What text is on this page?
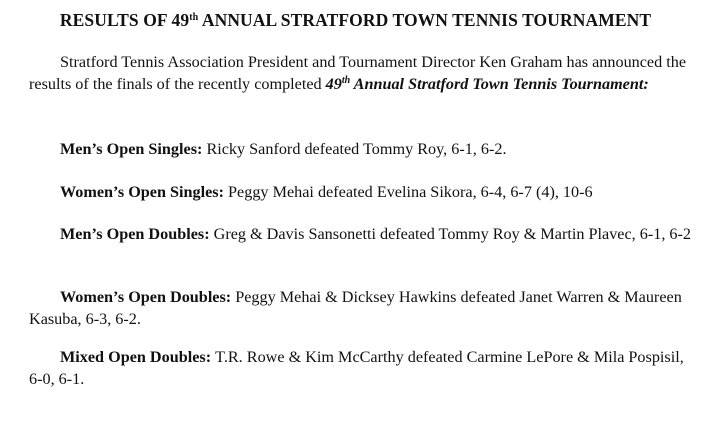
RESULTS OF 49th ANNUAL STRATFORD TOWN TENNIS TOURNAMENT
Stratford Tennis Association President and Tournament Director Ken Graham has announced the results of the finals of the recently completed 49th Annual Stratford Town Tennis Tournament:
Men’s Open Singles: Ricky Sanford defeated Tommy Roy, 6-1, 6-2.
Women’s Open Singles: Peggy Mehai defeated Evelina Sikora, 6-4, 6-7 (4), 10-6
Men’s Open Doubles: Greg & Davis Sansonetti defeated Tommy Roy & Martin Plavec, 6-1, 6-2
Women’s Open Doubles: Peggy Mehai & Dicksey Hawkins defeated Janet Warren & Maureen Kasuba, 6-3, 6-2.
Mixed Open Doubles: T.R. Rowe & Kim McCarthy defeated Carmine LePore & Mila Pospisil, 6-0, 6-1.
